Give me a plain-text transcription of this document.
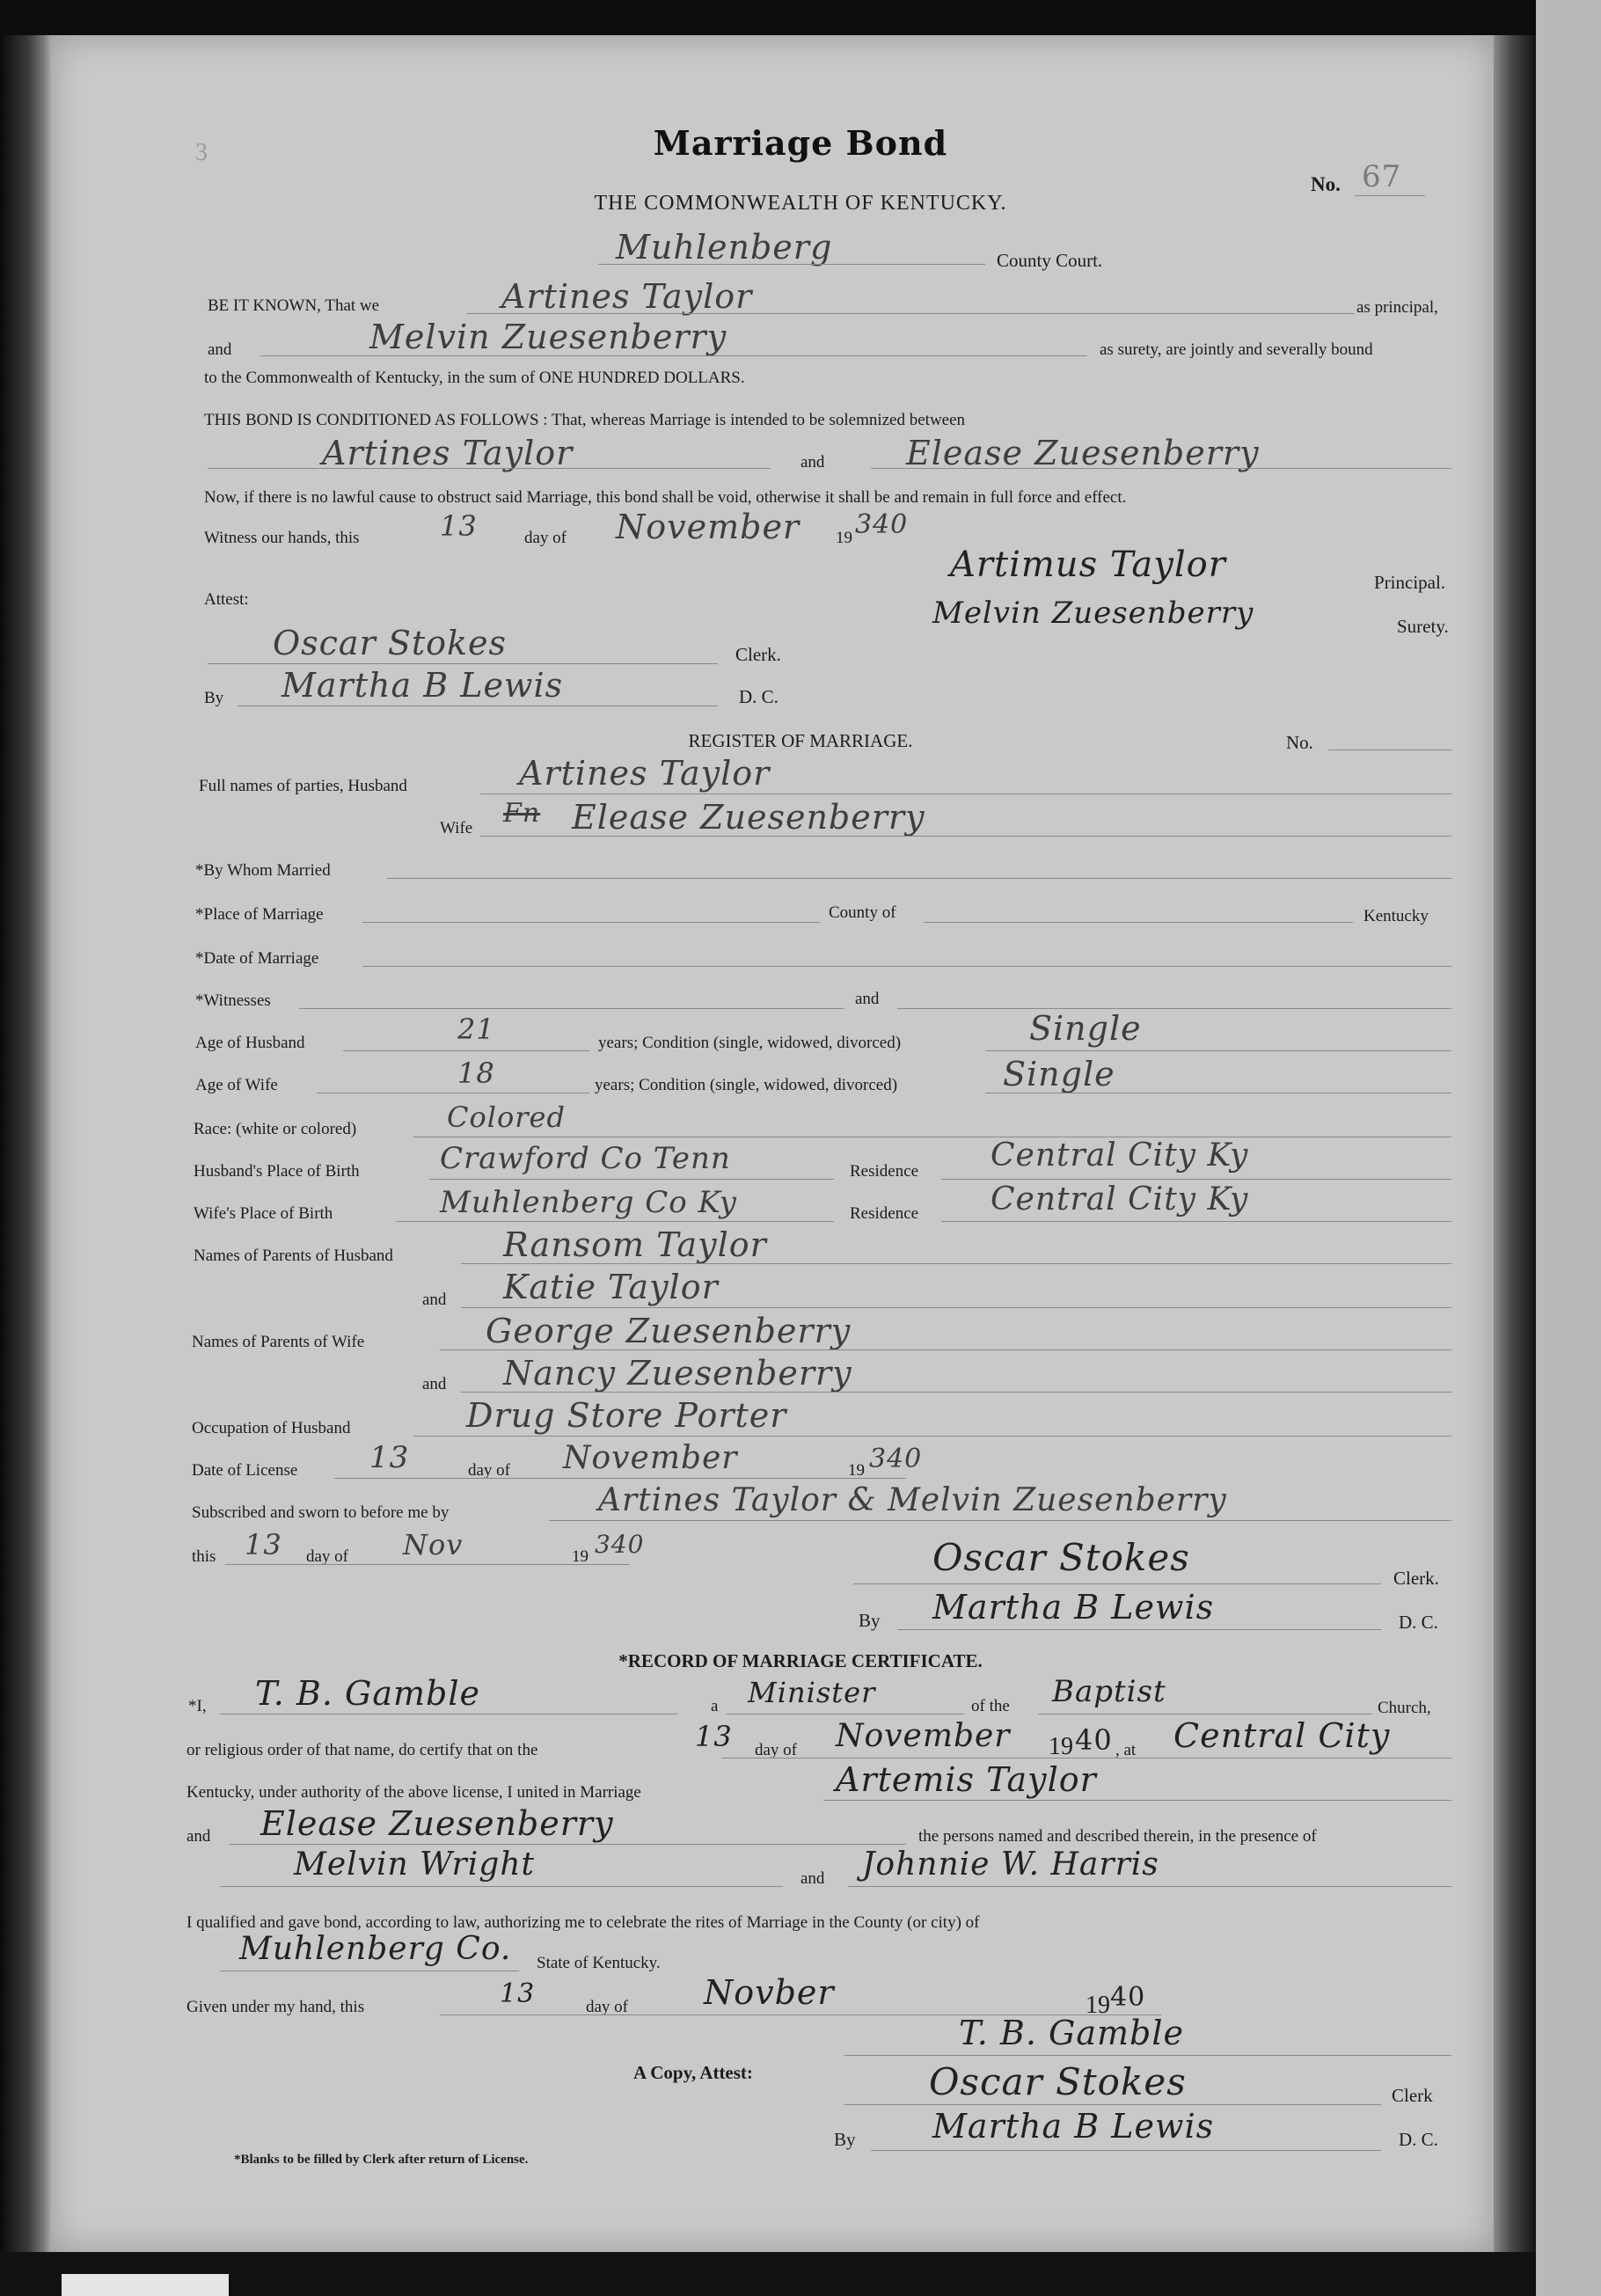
3	Marriage Bond
THE COMMONWEALTH OF KENTUCKY.
No. 67
Muhlenberg	County Court.
BE IT KNOWN, That we	Artines Taylor	as principal,
and	Melvin Zuesenberry	as surety, are jointly and severally bound
to the Commonwealth of Kentucky, in the sum of ONE HUNDRED DOLLARS.
THIS BOND IS CONDITIONED AS FOLLOWS : That, whereas Marriage is intended to be solemnized between
Artines Taylor	and Elease Zuesenberry
Now, if there is no lawful cause to obstruct said Marriage, this bond shall be void, otherwise it shall be and remain in full force and effect.
Witness our hands, this	13	day of November 19 340
Artimus Taylor	Principal.
Melvin Zuesenberry	Surety.
Attest:
Oscar Stokes	Clerk.
By Martha B Lewis	D. C.
REGISTER OF MARRIAGE.	No.
Full names of parties, Husband	Artines Taylor
Wife Fn Elease Zuesenberry
*By Whom Married
*Place of Marriage	County of	Kentucky
*Date of Marriage
*Witnesses	and
Age of Husband	21	years; Condition (single, widowed, divorced)	Single
Age of Wife	18	years; Condition (single, widowed, divorced)	Single
Race: (white or colored)	Colored
Husband's Place of Birth	Crawford Co Tenn	Residence Central City Ky
Wife's Place of Birth	Muhlenberg Co Ky	Residence Central City Ky
Names of Parents of Husband	Ransom Taylor
and Katie Taylor
Names of Parents of Wife	George Zuesenberry
and Nancy Zuesenberry
Occupation of Husband	Drug Store Porter
Date of License 13	day of November	19 340
Subscribed and sworn to before me by	Artines Taylor & Melvin Zuesenberry
this 13 day of Nov	19 340	Oscar Stokes	Clerk.
By Martha B Lewis	D. C.
*RECORD OF MARRIAGE CERTIFICATE.
*I, T. B. Gamble	a Minister	of the Baptist	Church,
or religious order of that name, do certify that on the	13 day of November 19 40 , at Central City
Kentucky, under authority of the above license, I united in Marriage	Artemis Taylor
and Elease Zuesenberry	the persons named and described therein, in the presence of
Melvin Wright	and Johnnie W. Harris
I qualified and gave bond, according to law, authorizing me to celebrate the rites of Marriage in the County (or city) of
Muhlenberg Co. State of Kentucky.
Given under my hand, this	13	day of Novber	19 40
T. B. Gamble
A Copy, Attest:	Oscar Stokes	Clerk
By Martha B Lewis	D. C.
*Blanks to be filled by Clerk after return of License.
